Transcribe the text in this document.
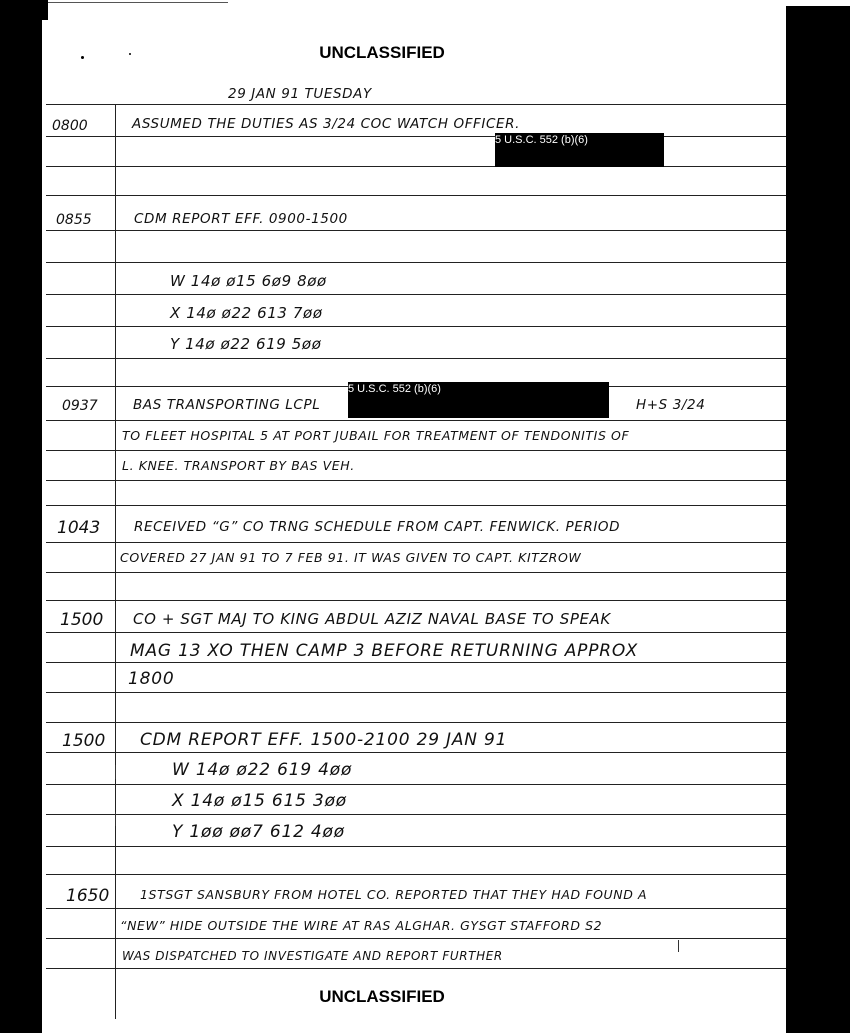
UNCLASSIFIED
UNCLASSIFIED
29 JAN 91 TUESDAY
0800	ASSUMED THE DUTIES AS 3/24 COC WATCH OFFICER.
5 U.S.C. 552 (b)(6)
0855	CDM REPORT EFF. 0900-1500
W 14ø ø15 6ø9 8øø
X 14ø ø22 613 7øø
Y 14ø ø22 619 5øø
0937	BAS TRANSPORTING LCPL
5 U.S.C. 552 (b)(6)
H+S 3/24
TO FLEET HOSPITAL 5 AT PORT JUBAIL FOR TREATMENT OF TENDONITIS OF
L. KNEE. TRANSPORT BY BAS VEH.
1043 RECEIVED “G” CO TRNG SCHEDULE FROM CAPT. FENWICK. PERIOD
COVERED 27 JAN 91 TO 7 FEB 91. IT WAS GIVEN TO CAPT. KITZROW
1500 CO + SGT MAJ TO KING ABDUL AZIZ NAVAL BASE TO SPEAK
MAG 13 XO THEN CAMP 3 BEFORE RETURNING APPROX
1800
1500 CDM REPORT EFF. 1500-2100 29 JAN 91
W 14ø ø22 619 4øø
X 14ø ø15 615 3øø
Y 1øø øø7 612 4øø
1650 1STSGT SANSBURY FROM HOTEL CO. REPORTED THAT THEY HAD FOUND A
“NEW” HIDE OUTSIDE THE WIRE AT RAS ALGHAR. GYSGT STAFFORD S2
WAS DISPATCHED TO INVESTIGATE AND REPORT FURTHER
